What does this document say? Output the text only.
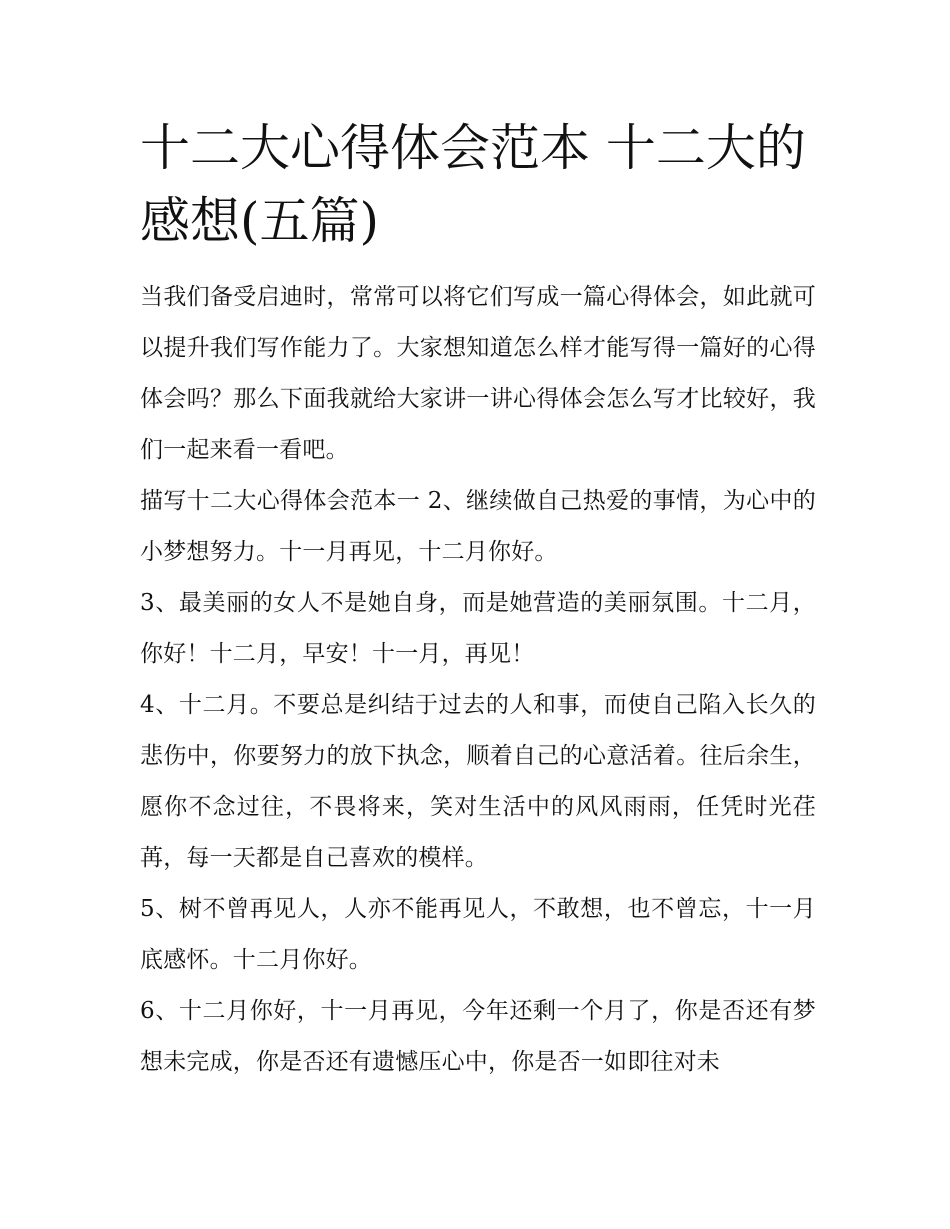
十二大心得体会范本 十二大的感想(五篇)

当我们备受启迪时，常常可以将它们写成一篇心得体会，如此就可以提升我们写作能力了。大家想知道怎么样才能写得一篇好的心得体会吗？那么下面我就给大家讲一讲心得体会怎么写才比较好，我们一起来看一看吧。

描写十二大心得体会范本一 2、继续做自己热爱的事情，为心中的小梦想努力。十一月再见，十二月你好。

3、最美丽的女人不是她自身，而是她营造的美丽氛围。十二月，你好！十二月，早安！十一月，再见！

4、十二月。不要总是纠结于过去的人和事，而使自己陷入长久的悲伤中，你要努力的放下执念，顺着自己的心意活着。往后余生，愿你不念过往，不畏将来，笑对生活中的风风雨雨，任凭时光荏苒，每一天都是自己喜欢的模样。

5、树不曾再见人，人亦不能再见人，不敢想，也不曾忘，十一月底感怀。十二月你好。

6、十二月你好，十一月再见，今年还剩一个月了，你是否还有梦想未完成，你是否还有遗憾压心中，你是否一如即往对未
